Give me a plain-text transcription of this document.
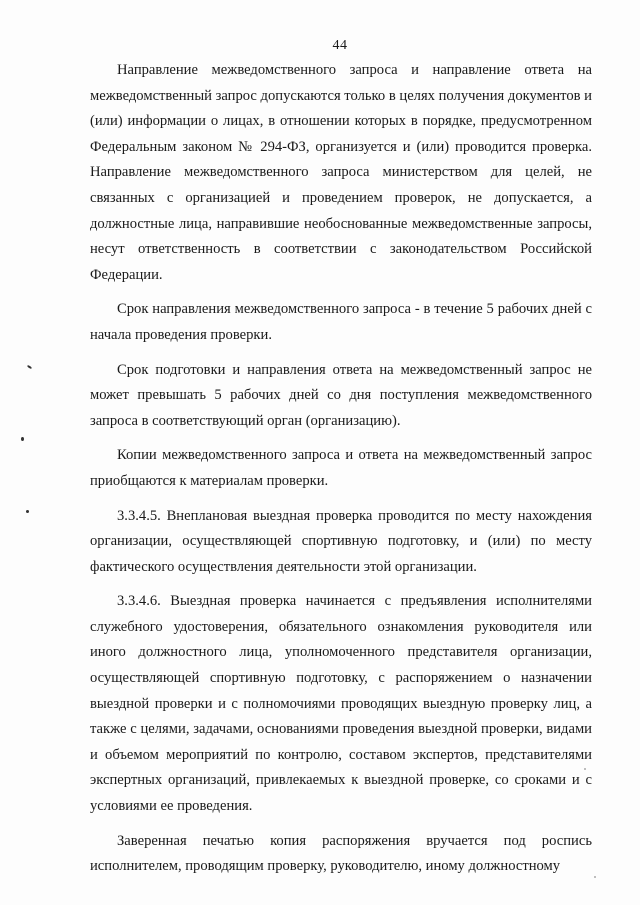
44

Направление межведомственного запроса и направление ответа на межведомственный запрос допускаются только в целях получения документов и (или) информации о лицах, в отношении которых в порядке, предусмотренном Федеральным законом № 294-ФЗ, организуется и (или) проводится проверка. Направление межведомственного запроса министерством для целей, не связанных с организацией и проведением проверок, не допускается, а должностные лица, направившие необоснованные межведомственные запросы, несут ответственность в соответствии с законодательством Российской Федерации.

Срок направления межведомственного запроса - в течение 5 рабочих дней с начала проведения проверки.

Срок подготовки и направления ответа на межведомственный запрос не может превышать 5 рабочих дней со дня поступления межведомственного запроса в соответствующий орган (организацию).

Копии межведомственного запроса и ответа на межведомственный запрос приобщаются к материалам проверки.

3.3.4.5. Внеплановая выездная проверка проводится по месту нахождения организации, осуществляющей спортивную подготовку, и (или) по месту фактического осуществления деятельности этой организации.

3.3.4.6. Выездная проверка начинается с предъявления исполнителями служебного удостоверения, обязательного ознакомления руководителя или иного должностного лица, уполномоченного представителя организации, осуществляющей спортивную подготовку, с распоряжением о назначении выездной проверки и с полномочиями проводящих выездную проверку лиц, а также с целями, задачами, основаниями проведения выездной проверки, видами и объемом мероприятий по контролю, составом экспертов, представителями экспертных организаций, привлекаемых к выездной проверке, со сроками и с условиями ее проведения.

Заверенная печатью копия распоряжения вручается под роспись исполнителем, проводящим проверку, руководителю, иному должностному
